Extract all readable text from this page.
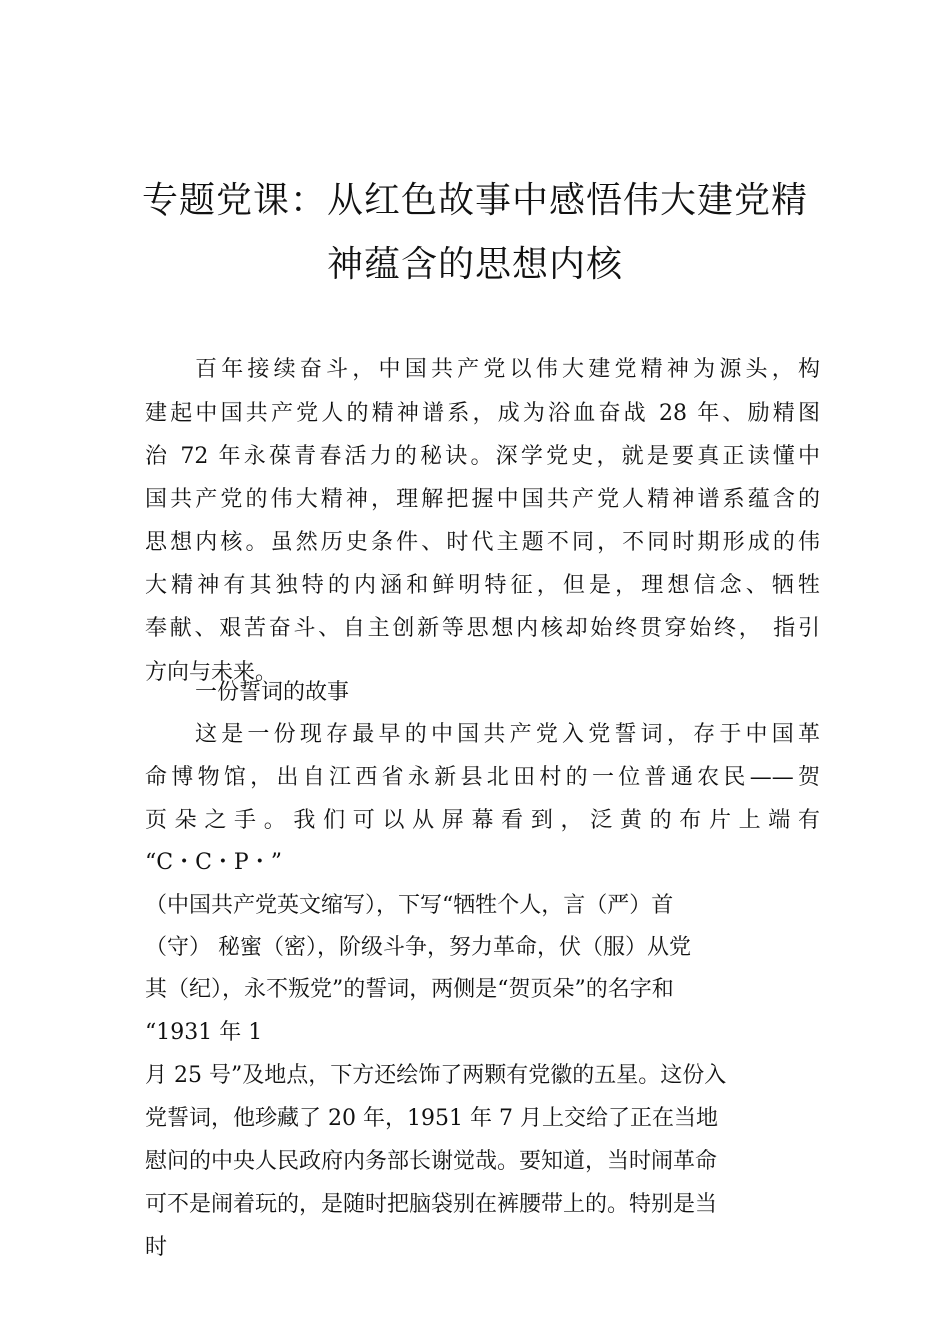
专题党课：从红色故事中感悟伟大建党精
神蕴含的思想内核
百年接续奋斗，中国共产党以伟大建党精神为源头，构
建起中国共产党人的精神谱系，成为浴血奋战 28 年、励精图
治 72 年永葆青春活力的秘诀。深学党史，就是要真正读懂中
国共产党的伟大精神，理解把握中国共产党人精神谱系蕴含的
思想内核。虽然历史条件、时代主题不同，不同时期形成的伟
大精神有其独特的内涵和鲜明特征，但是，理想信念、牺牲
奉献、艰苦奋斗、自主创新等思想内核却始终贯穿始终， 指引
方向与未来。
一份誓词的故事
这是一份现存最早的中国共产党入党誓词，存于中国革
命博物馆，出自江西省永新县北田村的一位普通农民——贺
页朵之手。我们可以从屏幕看到，泛黄的布片上端有
“C・C・P・”
（中国共产党英文缩写），下写“牺牲个人，言（严）首
（守） 秘蜜（密），阶级斗争，努力革命，伏（服）从党
其（纪），永不叛党”的誓词，两侧是“贺页朵”的名字和
“1931 年 1
月 25 号”及地点，下方还绘饰了两颗有党徽的五星。这份入
党誓词，他珍藏了 20 年，1951 年 7 月上交给了正在当地
慰问的中央人民政府内务部长谢觉哉。要知道，当时闹革命
可不是闹着玩的，是随时把脑袋别在裤腰带上的。特别是当
时
